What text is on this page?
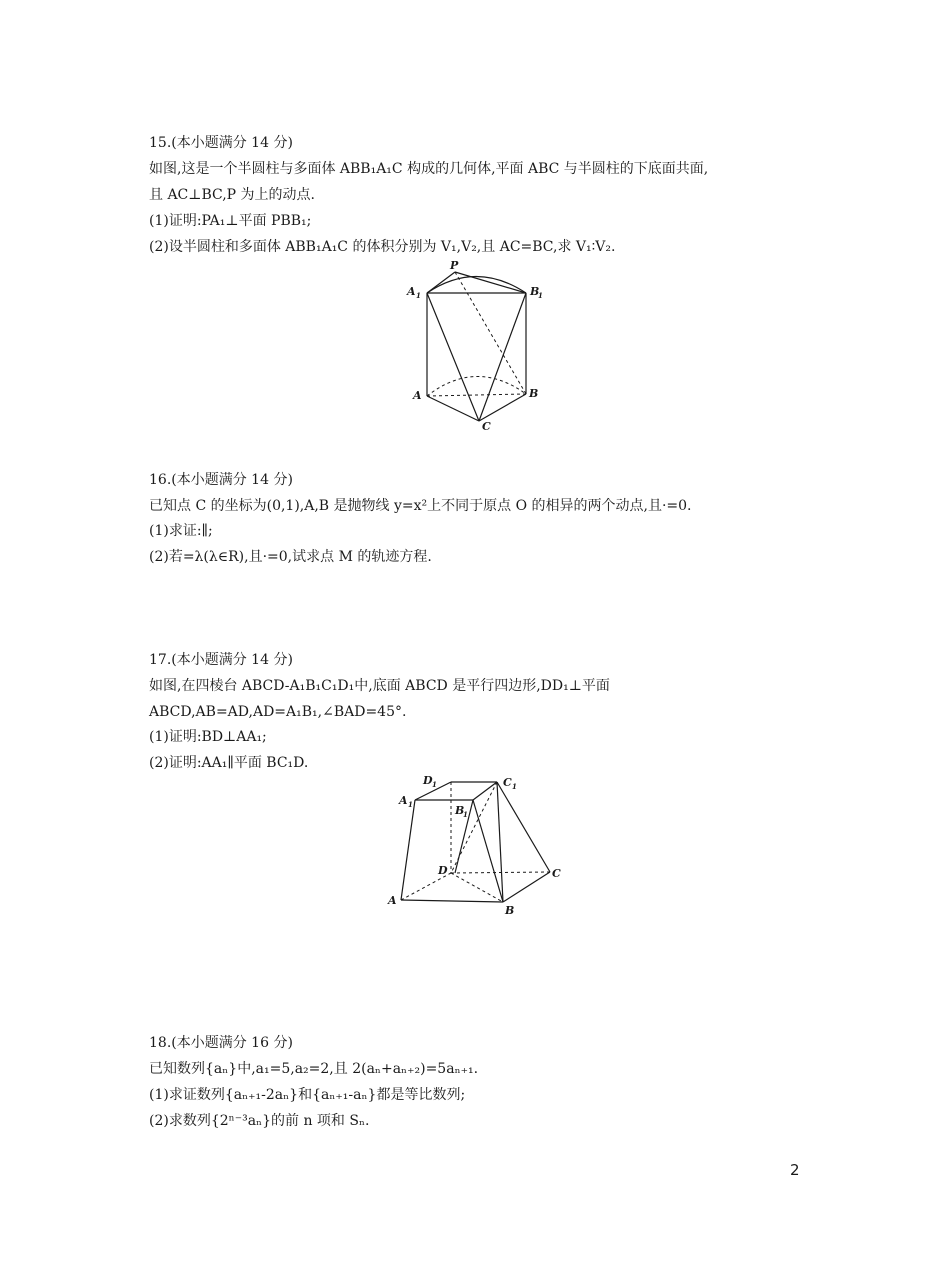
15.(本小题满分 14 分)
如图,这是一个半圆柱与多面体 ABB₁A₁C 构成的几何体,平面 ABC 与半圆柱的下底面共面,
且 AC⊥BC,P 为上的动点.
(1)证明:PA₁⊥平面 PBB₁;
(2)设半圆柱和多面体 ABB₁A₁C 的体积分别为 V₁,V₂,且 AC=BC,求 V₁∶V₂.
P
A 1	B
1
A	B
C
16.(本小题满分 14 分)
已知点 C 的坐标为(0,1),A,B 是抛物线 y=x²上不同于原点 O 的相异的两个动点,且·=0.
(1)求证:∥;
(2)若=λ(λ∈R),且·=0,试求点 M 的轨迹方程.
17.(本小题满分 14 分)
如图,在四棱台 ABCD-A₁B₁C₁D₁中,底面 ABCD 是平行四边形,DD₁⊥平面
ABCD,AB=AD,AD=A₁B₁,∠BAD=45°.
(1)证明:BD⊥AA₁;
(2)证明:AA₁∥平面 BC₁D.
D 1	C 1
A 1	B
1
D	C
A
B
18.(本小题满分 16 分)
已知数列{aₙ}中,a₁=5,a₂=2,且 2(aₙ+aₙ₊₂)=5aₙ₊₁.
(1)求证数列{aₙ₊₁-2aₙ}和{aₙ₊₁-aₙ}都是等比数列;
(2)求数列{2ⁿ⁻³aₙ}的前 n 项和 Sₙ.
2
